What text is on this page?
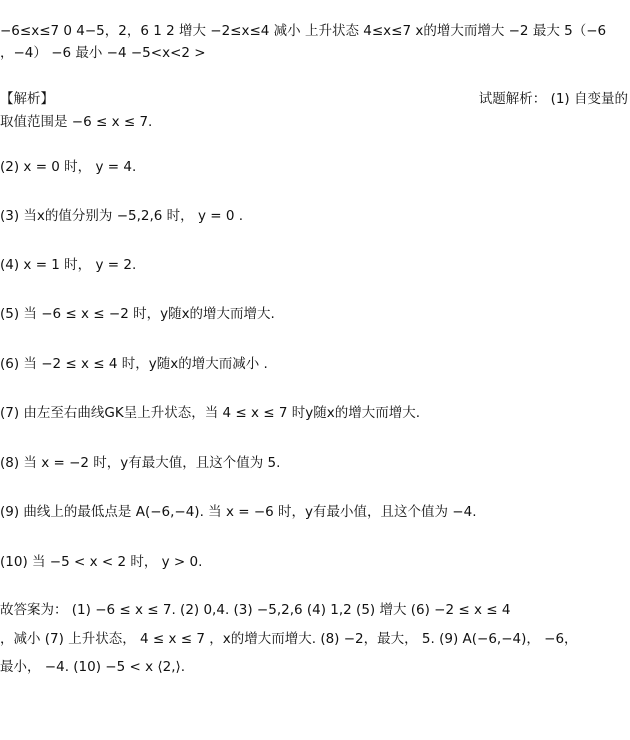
−6≤x≤7 0 4−5，2，6 1 2 增大 −2≤x≤4 减小 上升状态 4≤x≤7 x的增大而增大 −2 最大 5（−6
，−4） −6 最小 −4 −5<x<2 >
【解析】	试题解析： (1) 自变量的
取值范围是 −6 ≤ x ≤ 7.
(2) x = 0 时， y = 4.
(3) 当x的值分别为 −5,2,6 时， y = 0 .
(4) x = 1 时， y = 2.
(5) 当 −6 ≤ x ≤ −2 时，y随x的增大而增大.
(6) 当 −2 ≤ x ≤ 4 时，y随x的增大而减小 .
(7) 由左至右曲线GK呈上升状态，当 4 ≤ x ≤ 7 时y随x的增大而增大.
(8) 当 x = −2 时，y有最大值，且这个值为 5.
(9) 曲线上的最低点是 A(−6,−4). 当 x = −6 时，y有最小值，且这个值为 −4.
(10) 当 −5 < x < 2 时， y > 0.
故答案为： (1) −6 ≤ x ≤ 7. (2) 0,4. (3) −5,2,6 (4) 1,2 (5) 增大 (6) −2 ≤ x ≤ 4
，减小 (7) 上升状态， 4 ≤ x ≤ 7 ，x的增大而增大. (8) −2，最大， 5. (9) A(−6,−4)， −6，
最小， −4. (10) −5 < x ⟨2,⟩.
